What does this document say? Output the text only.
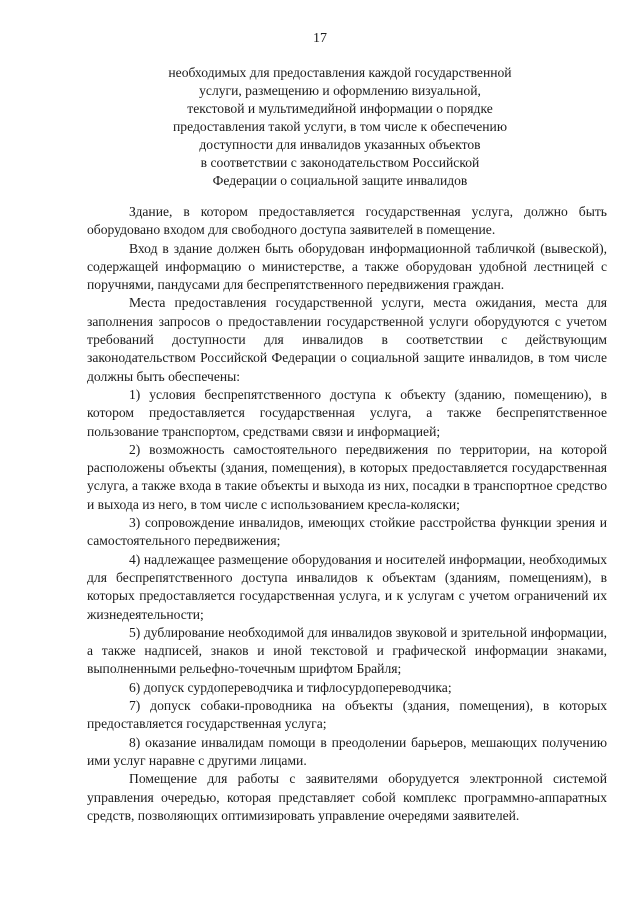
17
необходимых для предоставления каждой государственной
услуги, размещению и оформлению визуальной,
текстовой и мультимедийной информации о порядке
предоставления такой услуги, в том числе к обеспечению
доступности для инвалидов указанных объектов
в соответствии с законодательством Российской
Федерации о социальной защите инвалидов

Здание, в котором предоставляется государственная услуга, должно быть оборудовано входом для свободного доступа заявителей в помещение.

Вход в здание должен быть оборудован информационной табличкой (вывеской), содержащей информацию о министерстве, а также оборудован удобной лестницей с поручнями, пандусами для беспрепятственного передвижения граждан.

Места предоставления государственной услуги, места ожидания, места для заполнения запросов о предоставлении государственной услуги оборудуются с учетом требований доступности для инвалидов в соответствии с действующим законодательством Российской Федерации о социальной защите инвалидов, в том числе должны быть обеспечены:

1) условия беспрепятственного доступа к объекту (зданию, помещению), в котором предоставляется государственная услуга, а также беспрепятственное пользование транспортом, средствами связи и информацией;

2) возможность самостоятельного передвижения по территории, на которой расположены объекты (здания, помещения), в которых предоставляется государственная услуга, а также входа в такие объекты и выхода из них, посадки в транспортное средство и выхода из него, в том числе с использованием кресла-коляски;

3) сопровождение инвалидов, имеющих стойкие расстройства функции зрения и самостоятельного передвижения;

4) надлежащее размещение оборудования и носителей информации, необходимых для беспрепятственного доступа инвалидов к объектам (зданиям, помещениям), в которых предоставляется государственная услуга, и к услугам с учетом ограничений их жизнедеятельности;

5) дублирование необходимой для инвалидов звуковой и зрительной информации, а также надписей, знаков и иной текстовой и графической информации знаками, выполненными рельефно-точечным шрифтом Брайля;

6) допуск сурдопереводчика и тифлосурдопереводчика;

7) допуск собаки-проводника на объекты (здания, помещения), в которых предоставляется государственная услуга;

8) оказание инвалидам помощи в преодолении барьеров, мешающих получению ими услуг наравне с другими лицами.

Помещение для работы с заявителями оборудуется электронной системой управления очередью, которая представляет собой комплекс программно-аппаратных средств, позволяющих оптимизировать управление очередями заявителей.
